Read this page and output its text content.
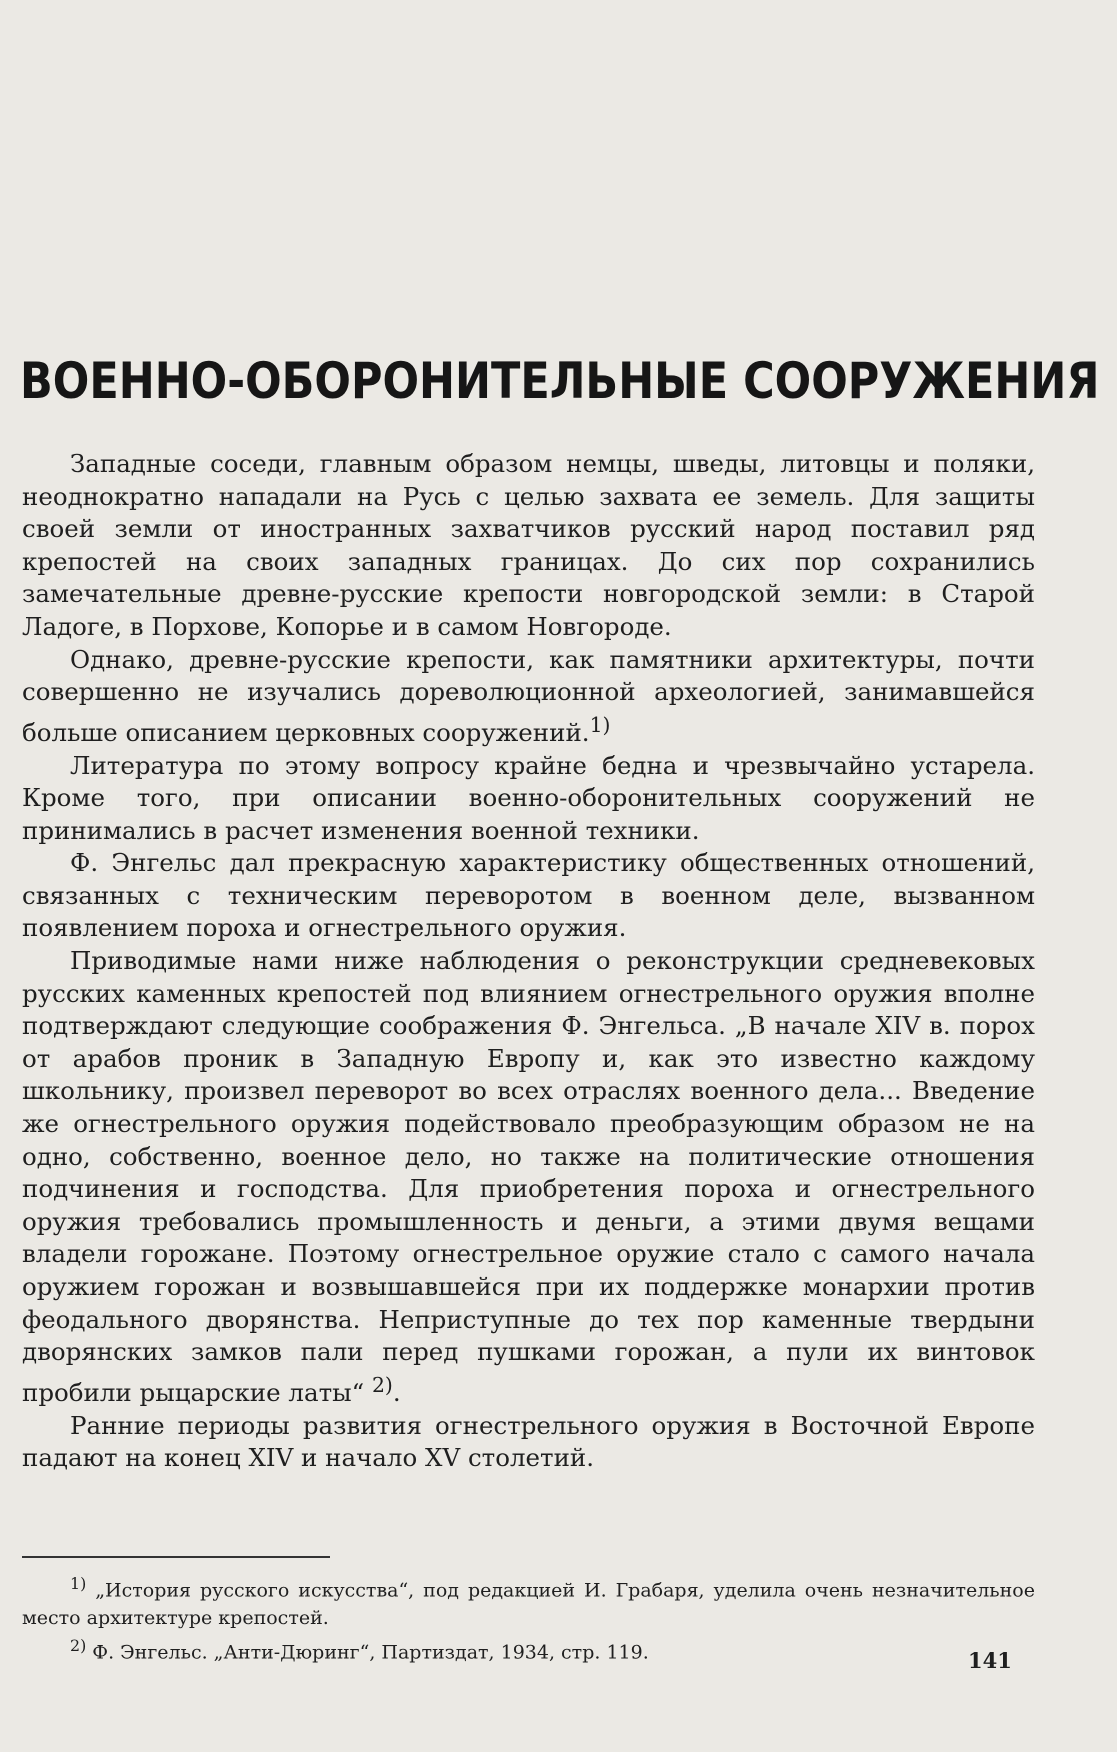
ВОЕННО-ОБОРОНИТЕЛЬНЫЕ СООРУЖЕНИЯ

Западные соседи, главным образом немцы, шведы, литовцы и поляки, неоднократно нападали на Русь с целью захвата ее земель. Для защиты своей земли от иностранных захватчиков русский народ поставил ряд крепостей на своих западных границах. До сих пор сохранились замечательные древне-русские крепости новгородской земли: в Старой Ладоге, в Порхове, Копорье и в самом Новгороде.

Однако, древне-русские крепости, как памятники архитектуры, почти совершенно не изучались дореволюционной археологией, занимавшейся больше описанием церковных сооружений.$^{1)}$

Литература по этому вопросу крайне бедна и чрезвычайно устарела. Кроме того, при описании военно-оборонительных сооружений не принимались в расчет изменения военной техники.

Ф. Энгельс дал прекрасную характеристику общественных отношений, связанных с техническим переворотом в военном деле, вызванном появлением пороха и огнестрельного оружия.

Приводимые нами ниже наблюдения о реконструкции средневековых русских каменных крепостей под влиянием огнестрельного оружия вполне подтверждают следующие соображения Ф. Энгельса. „В начале XIV в. порох от арабов проник в Западную Европу и, как это известно каждому школьнику, произвел переворот во всех отраслях военного дела... Введение же огнестрельного оружия подействовало преобразующим образом не на одно, собственно, военное дело, но также на политические отношения подчинения и господства. Для приобретения пороха и огнестрельного оружия требовались промышленность и деньги, а этими двумя вещами владели горожане. Поэтому огнестрельное оружие стало с самого начала оружием горожан и возвышавшейся при их поддержке монархии против феодального дворянства. Неприступные до тех пор каменные твердыни дворянских замков пали перед пушками горожан, а пули их винтовок пробили рыцарские латы“ $^{2)}$.

Ранние периоды развития огнестрельного оружия в Восточной Европе падают на конец XIV и начало XV столетий.

$^{1)}$ „История русского искусства“, под редакцией И. Грабаря, уделила очень незначительное место архитектуре крепостей.

$^{2)}$ Ф. Энгельс. „Анти-Дюринг“, Партиздат, 1934, стр. 119.	141
